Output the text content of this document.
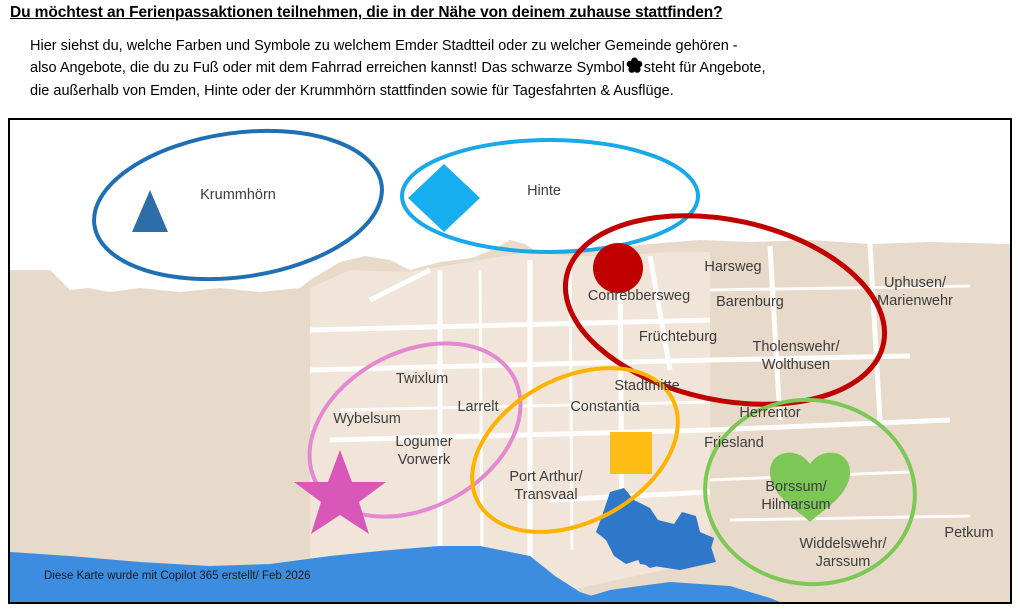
Du möchtest an Ferienpassaktionen teilnehmen, die in der Nähe von deinem zuhause stattfinden?
Hier siehst du, welche Farben und Symbole zu welchem Emder Stadtteil oder zu welcher Gemeinde gehören -
also Angebote, die du zu Fuß oder mit dem Fahrrad erreichen kannst! Das schwarze Symbol steht für Angebote,
die außerhalb von Emden, Hinte oder der Krummhörn stattfinden sowie für Tagesfahrten & Ausflüge.
Krummhörn	Hinte
Harsweg
Uphusen/
Marienwehr
Conrebbersweg Barenburg
Früchteburg
Tholenswehr/
Wolthusen
Twixlum
Larrelt
Wybelsum
Stadtmitte
Constantia	Herrentor
Friesland
Logumer
Vorwerk
Port Arthur/
Transvaal	Borssum/
Hilmarsum
Widdelswehr/
Jarssum
Petkum
Diese Karte wurde mit Copilot 365 erstellt/ Feb 2026
